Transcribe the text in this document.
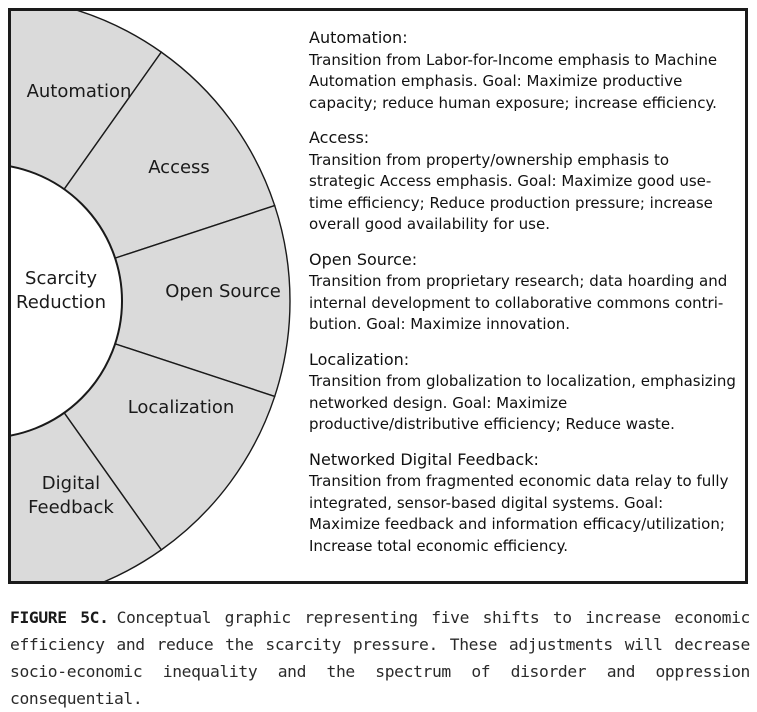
Automation
Access
Open Source
Localization
Digital
Feedback
Scarcity
Reduction
Automation:
Transition from Labor-for-Income emphasis to Machine Automation emphasis. Goal: Maximize productive capacity; reduce human exposure; increase efficiency.
Access:
Transition from property/ownership emphasis to strategic Access emphasis. Goal: Maximize good use-time efficiency; Reduce production pressure; increase overall good availability for use.
Open Source:
Transition from proprietary research; data hoarding and internal development to collaborative commons contri-bution. Goal: Maximize innovation.
Localization:
Transition from globalization to localization, emphasizing networked design. Goal: Maximize productive/distributive efficiency; Reduce waste.
Networked Digital Feedback:
Transition from fragmented economic data relay to fully integrated, sensor-based digital systems. Goal: Maximize feedback and information efficacy/utilization; Increase total economic efficiency.
FIGURE 5C. Conceptual graphic representing five shifts to increase economic efficiency and reduce the scarcity pressure. These adjustments will decrease socio-economic inequality and the spectrum of disorder and oppression consequential.
